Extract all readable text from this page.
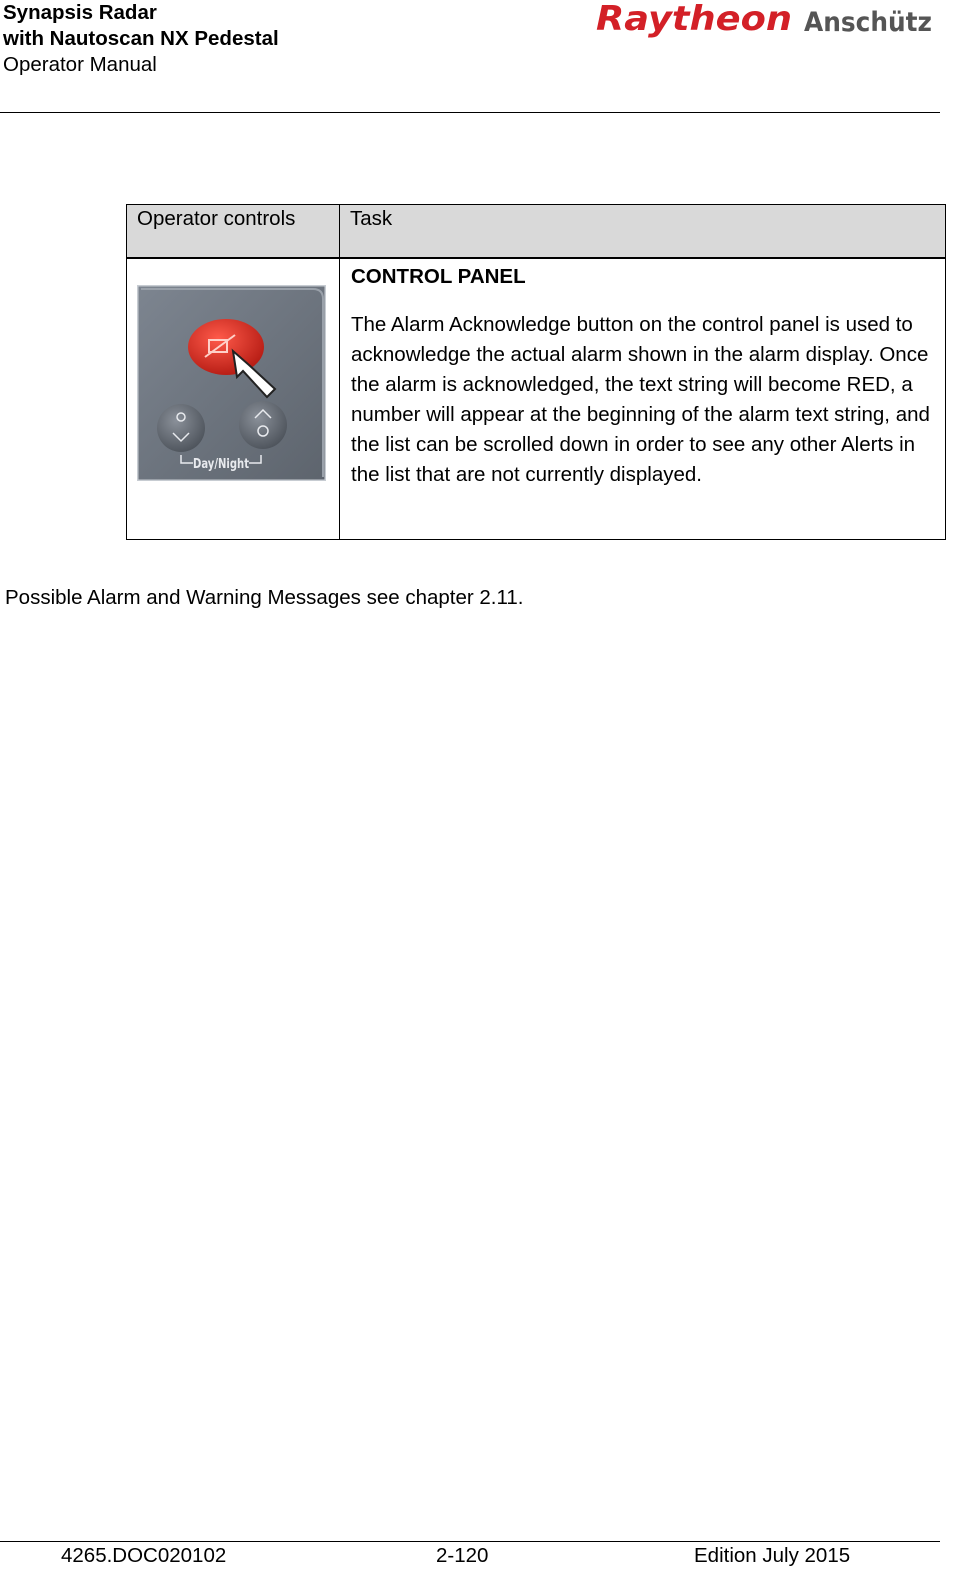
Synapsis Radar
with Nautoscan NX Pedestal
Operator Manual
Raytheon Anschütz
Operator controls	Task

Day/Night	CONTROL PANEL

The Alarm Acknowledge button on the control panel is used to acknowledge the actual alarm shown in the alarm display. Once the alarm is acknowledged, the text string will become RED, a number will appear at the beginning of the alarm text string, and the list can be scrolled down in order to see any other Alerts in the list that are not currently displayed.

Possible Alarm and Warning Messages see chapter 2.11.
4265.DOC020102	2-120	Edition July 2015
